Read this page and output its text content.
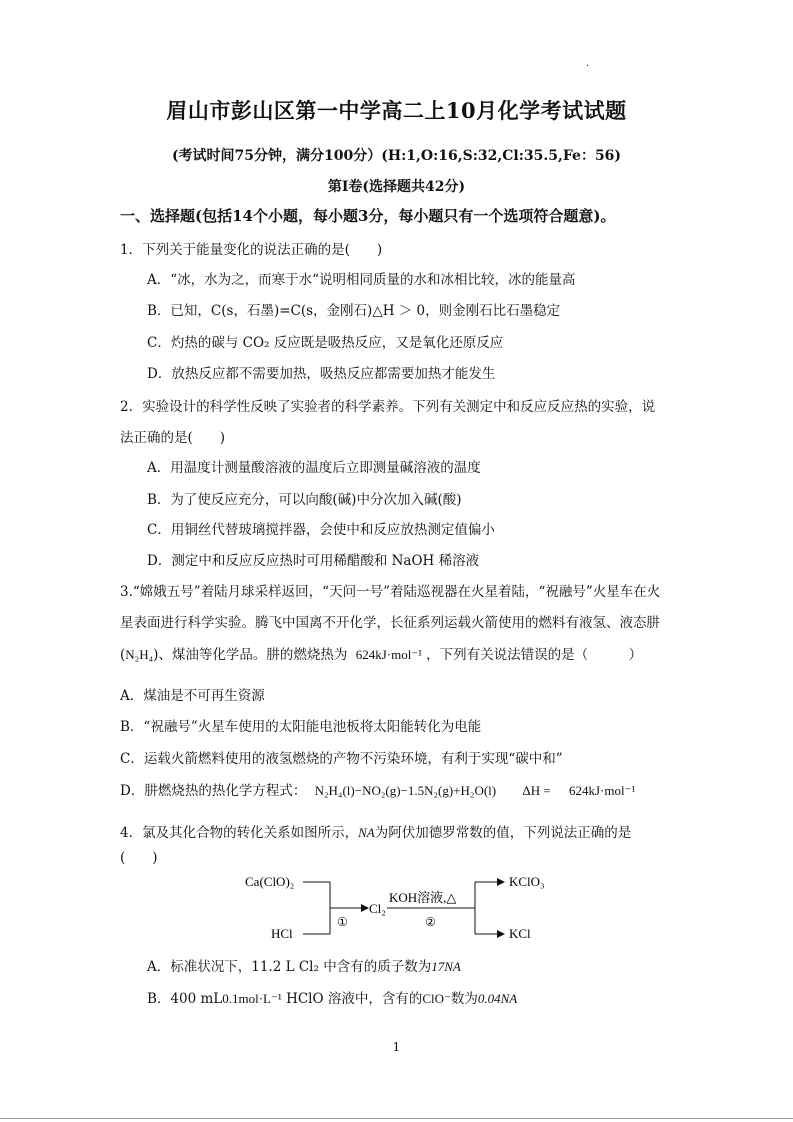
.
眉山市彭山区第一中学高二上10月化学考试试题
(考试时间75分钟，满分100分）(H:1,O:16,S:32,Cl:35.5,Fe：56)
第Ⅰ卷(选择题共42分)
一、选择题(包括14个小题，每小题3分，每小题只有一个选项符合题意)。
1．下列关于能量变化的说法正确的是(　　)
A．“冰，水为之，而寒于水“说明相同质量的水和冰相比较，冰的能量高
B．已知，C(s，石墨)=C(s，金刚石)△H ＞ 0，则金刚石比石墨稳定
C．灼热的碳与 CO₂ 反应既是吸热反应，又是氧化还原反应
D．放热反应都不需要加热，吸热反应都需要加热才能发生
2．实验设计的科学性反映了实验者的科学素养。下列有关测定中和反应反应热的实验，说
法正确的是(　　)
A．用温度计测量酸溶液的温度后立即测量碱溶液的温度
B．为了使反应充分，可以向酸(碱)中分次加入碱(酸)
C．用铜丝代替玻璃搅拌器，会使中和反应放热测定值偏小
D．测定中和反应反应热时可用稀醋酸和 NaOH 稀溶液
3.“嫦娥五号”着陆月球采样返回，“天问一号”着陆巡视器在火星着陆，“祝融号”火星车在火
星表面进行科学实验。腾飞中国离不开化学，长征系列运载火箭使用的燃料有液氢、液态肼
(N₂H₄)、煤油等化学品。肼的燃烧热为 624kJ·mol⁻¹ ，下列有关说法错误的是（　　　）
A．煤油是不可再生资源
B．“祝融号”火星车使用的太阳能电池板将太阳能转化为电能
C．运载火箭燃料使用的液氢燃烧的产物不污染环境，有利于实现“碳中和”
D．肼燃烧热的热化学方程式： N₂H₄(l)−NO₂(g)−1.5N₂(g)+H₂O(l) ΔH = 624kJ·mol⁻¹
4．氯及其化合物的转化关系如图所示，NA为阿伏加德罗常数的值，下列说法正确的是
(　　)
Ca(ClO)₂
HCl
①
Cl₂
KOH溶液,△
②
KClO₃
KCl
A．标准状况下，11.2 L Cl₂ 中含有的质子数为17NA
B．400 mL0.1mol·L⁻¹ HClO 溶液中，含有的ClO⁻数为0.04NA
1
